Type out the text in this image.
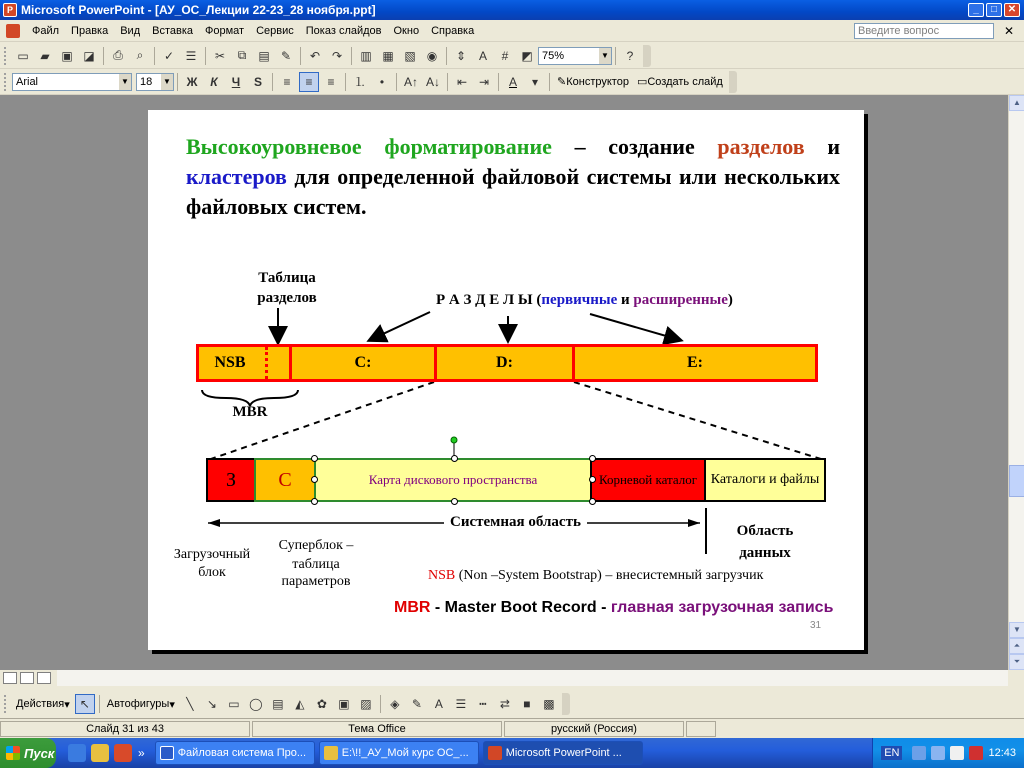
P Microsoft PowerPoint - [АУ_ОС_Лекции 22-23_28 ноября.ppt]	_	□	✕
Файл	Правка	Вид	Вставка	Формат	Сервис	Показ слайдов	Окно	Справка	Введите вопрос	✕
▭ ▰ ▣ ◪	⎙	⌕	✓ ☰	✂	⧉	▤ ✎	↶ ↷	▥ ▦ ▧ ◉	⇕	A	#	◩ 75%	▼	?
Arial	▼ 18 ▼	Ж	К	Ч	S	≡	≡	≡	⒈	•	A↑ A↓	⇤ ⇥	A	▾	✎ Конструктор ▭ Создать слайд
▲
▼
⏶
⏷
Высокоуровневое форматирование – создание разделов и кластеров для определенной файловой системы или нескольких файловых систем.
Таблица разделов	Р А З Д Е Л Ы (первичные и расширенные)
NSB	C:	D:	E:
MBR
З С	Карта дискового пространства	Корневой каталог Каталоги и файлы
Системная область
Область данных
Загрузочный блок
Суперблок –
таблица параметров	NSB (Non –System Bootstrap) – внесистемный загрузчик
MBR - Master Boot Record - главная загрузочная запись
31
Действия ▾ ↖	Автофигуры ▾ ╲	↘ ▭ ◯ ▤ ◭	✿ ▣ ▨	◈	✎	A	☰	┅	⇄	■	▩
Слайд 31 из 43	Тема Office	русский (Россия)
Пуск	»	Файловая система Про...	E:\!!_АУ_Мой курс ОС_...	Microsoft PowerPoint ...	EN	12:43
